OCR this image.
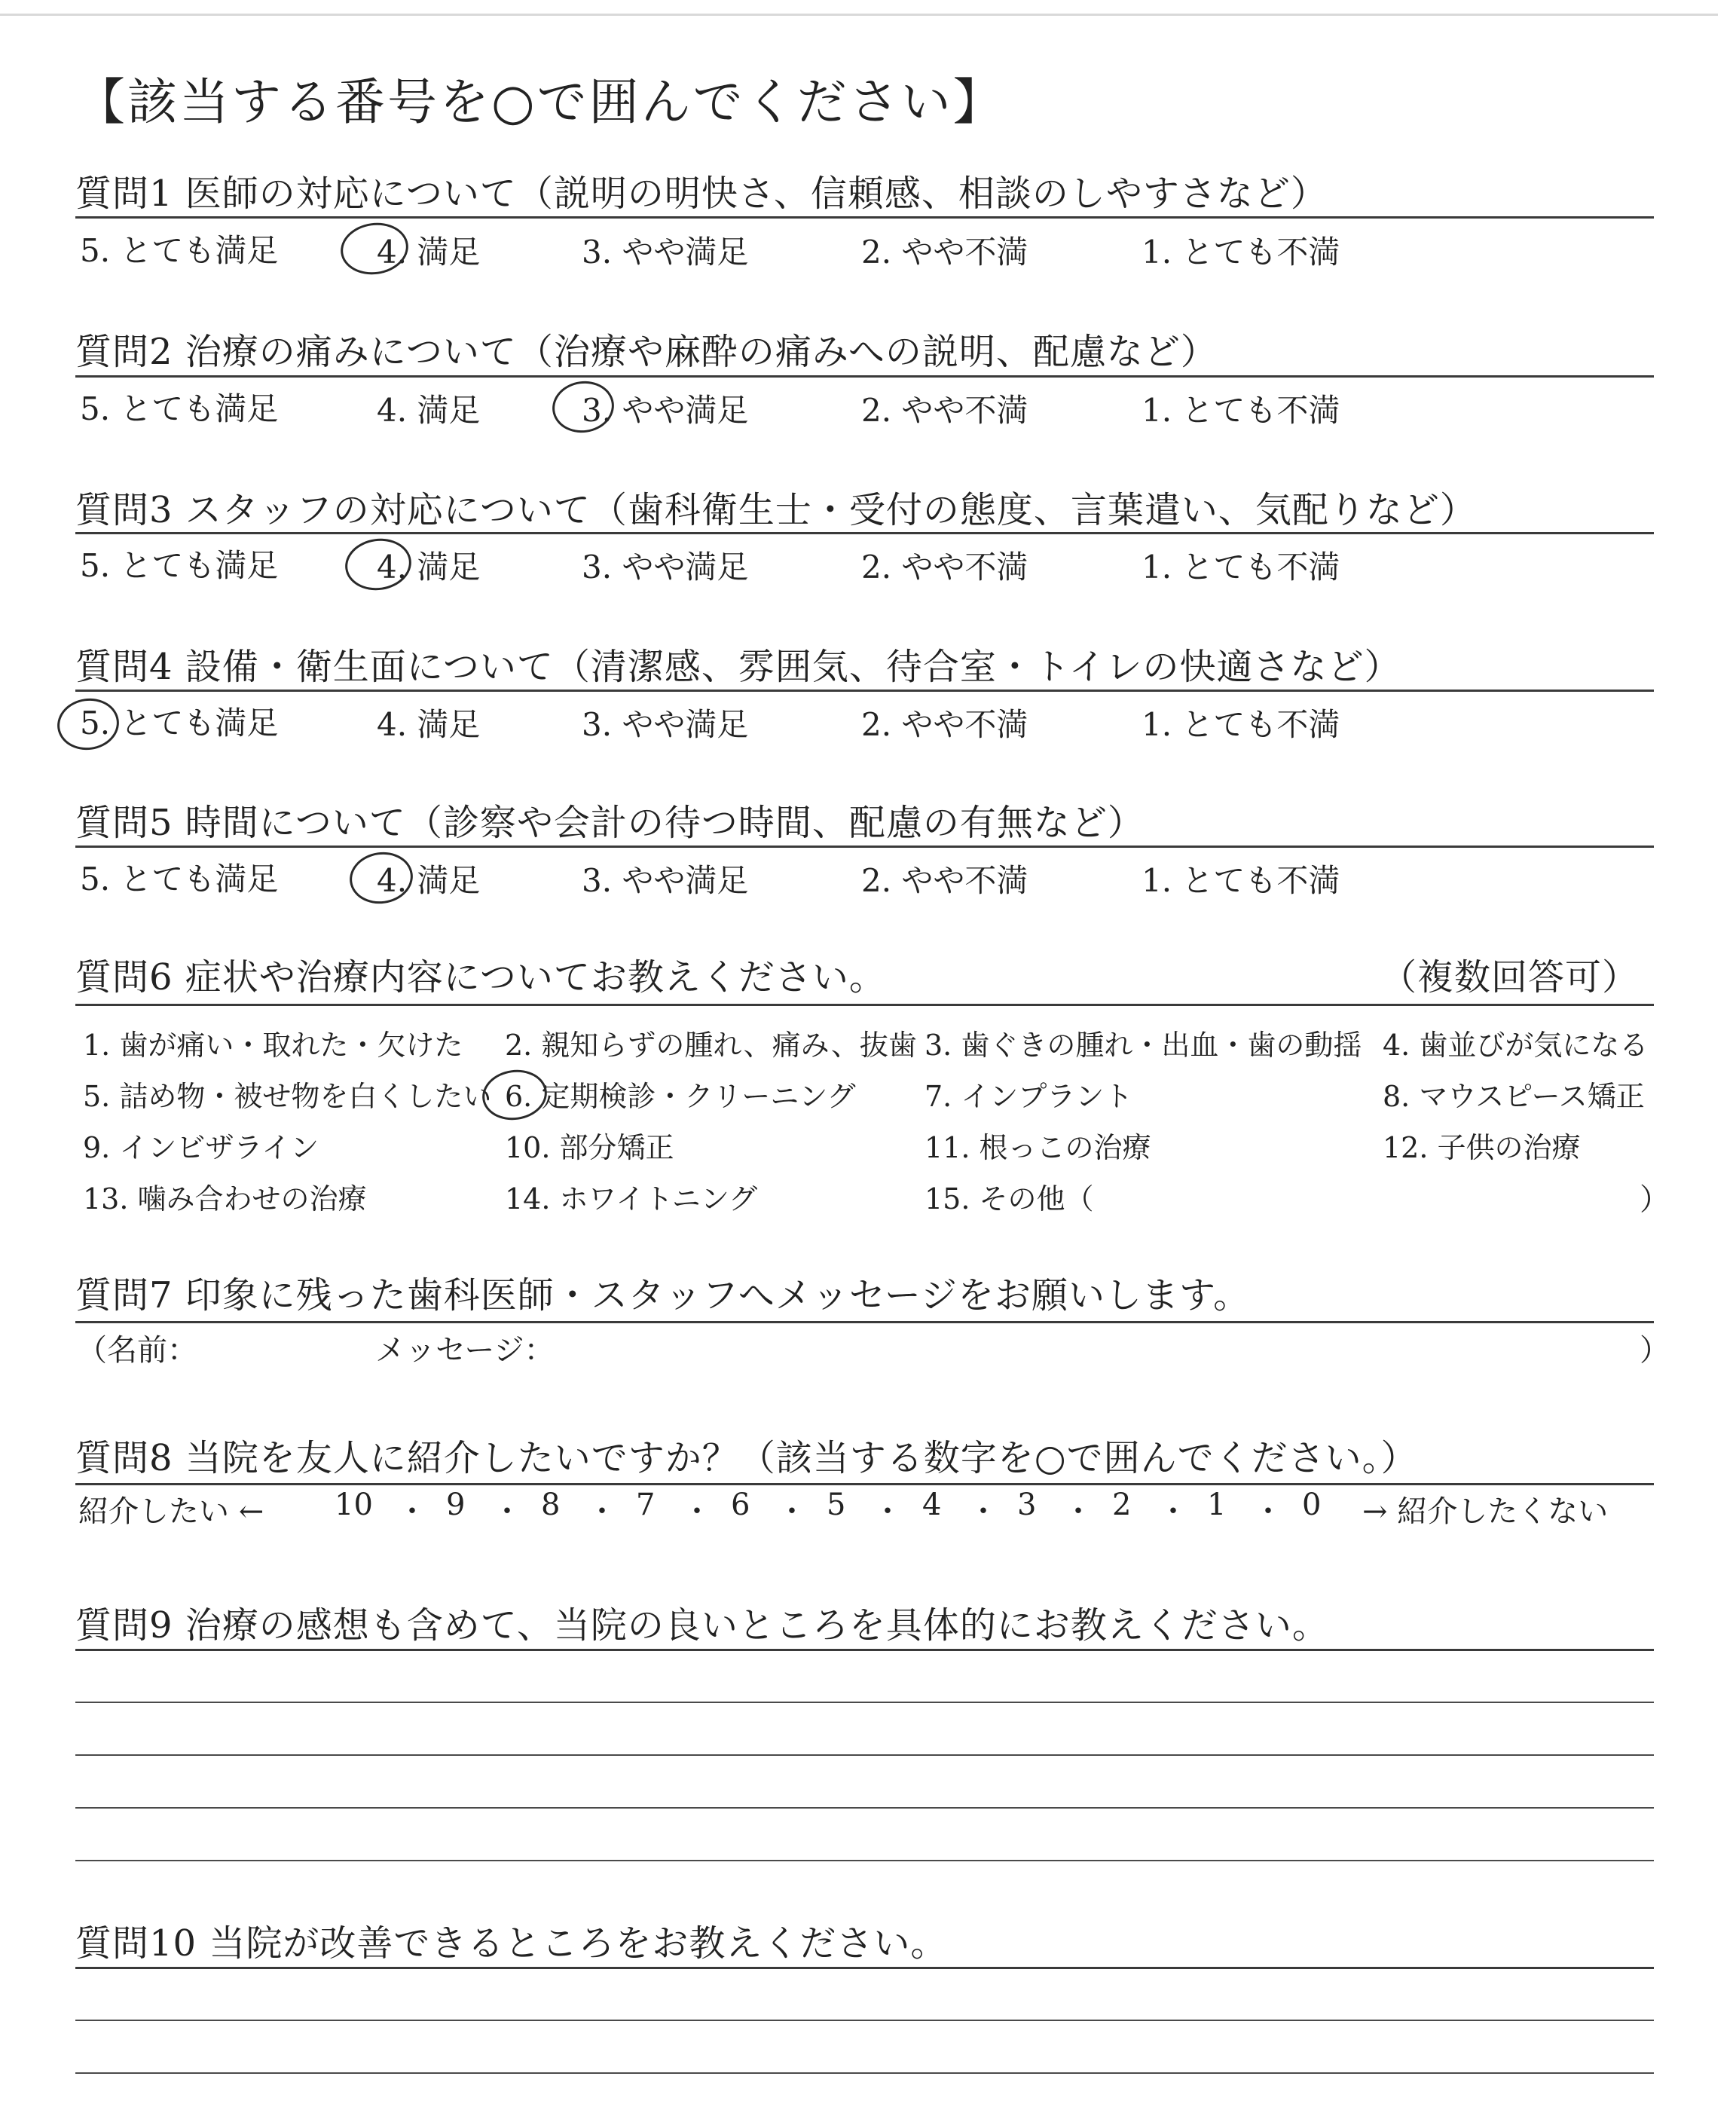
【該当する番号を○で囲んでください】
質問1 医師の対応について（説明の明快さ、信頼感、相談のしやすさなど）
5. とても満足	4. 満足	3. やや満足	2. やや不満	1. とても不満
質問2 治療の痛みについて（治療や麻酔の痛みへの説明、配慮など）
5. とても満足	4. 満足	3. やや満足	2. やや不満	1. とても不満
質問3 スタッフの対応について（歯科衛生士・受付の態度、言葉遣い、気配りなど）
5. とても満足	4. 満足	3. やや満足	2. やや不満	1. とても不満
質問4 設備・衛生面について（清潔感、雰囲気、待合室・トイレの快適さなど）
5. とても満足	4. 満足	3. やや満足	2. やや不満	1. とても不満
質問5 時間について（診察や会計の待つ時間、配慮の有無など）
5. とても満足	4. 満足	3. やや満足	2. やや不満	1. とても不満
質問6 症状や治療内容についてお教えください。	（複数回答可）
1. 歯が痛い・取れた・欠けた 2. 親知らずの腫れ、痛み、抜歯 3. 歯ぐきの腫れ・出血・歯の動揺 4. 歯並びが気になる
5. 詰め物・被せ物を白くしたい 6. 定期検診・クリーニング 7. インプラント	8. マウスピース矯正
9. インビザライン	10. 部分矯正	11. 根っこの治療	12. 子供の治療
13. 噛み合わせの治療	14. ホワイトニング	15. その他（	）
質問7 印象に残った歯科医師・スタッフへメッセージをお願いします。
（名前：	メッセージ：	）
質問8 当院を友人に紹介したいですか？（該当する数字を○で囲んでください。）
紹介したい ←	→ 紹介したくない
10 ・ 9 ・ 8 ・ 7 ・ 6 ・ 5 ・ 4 ・ 3 ・ 2 ・ 1 ・ 0
質問9 治療の感想も含めて、当院の良いところを具体的にお教えください。
質問10 当院が改善できるところをお教えください。
